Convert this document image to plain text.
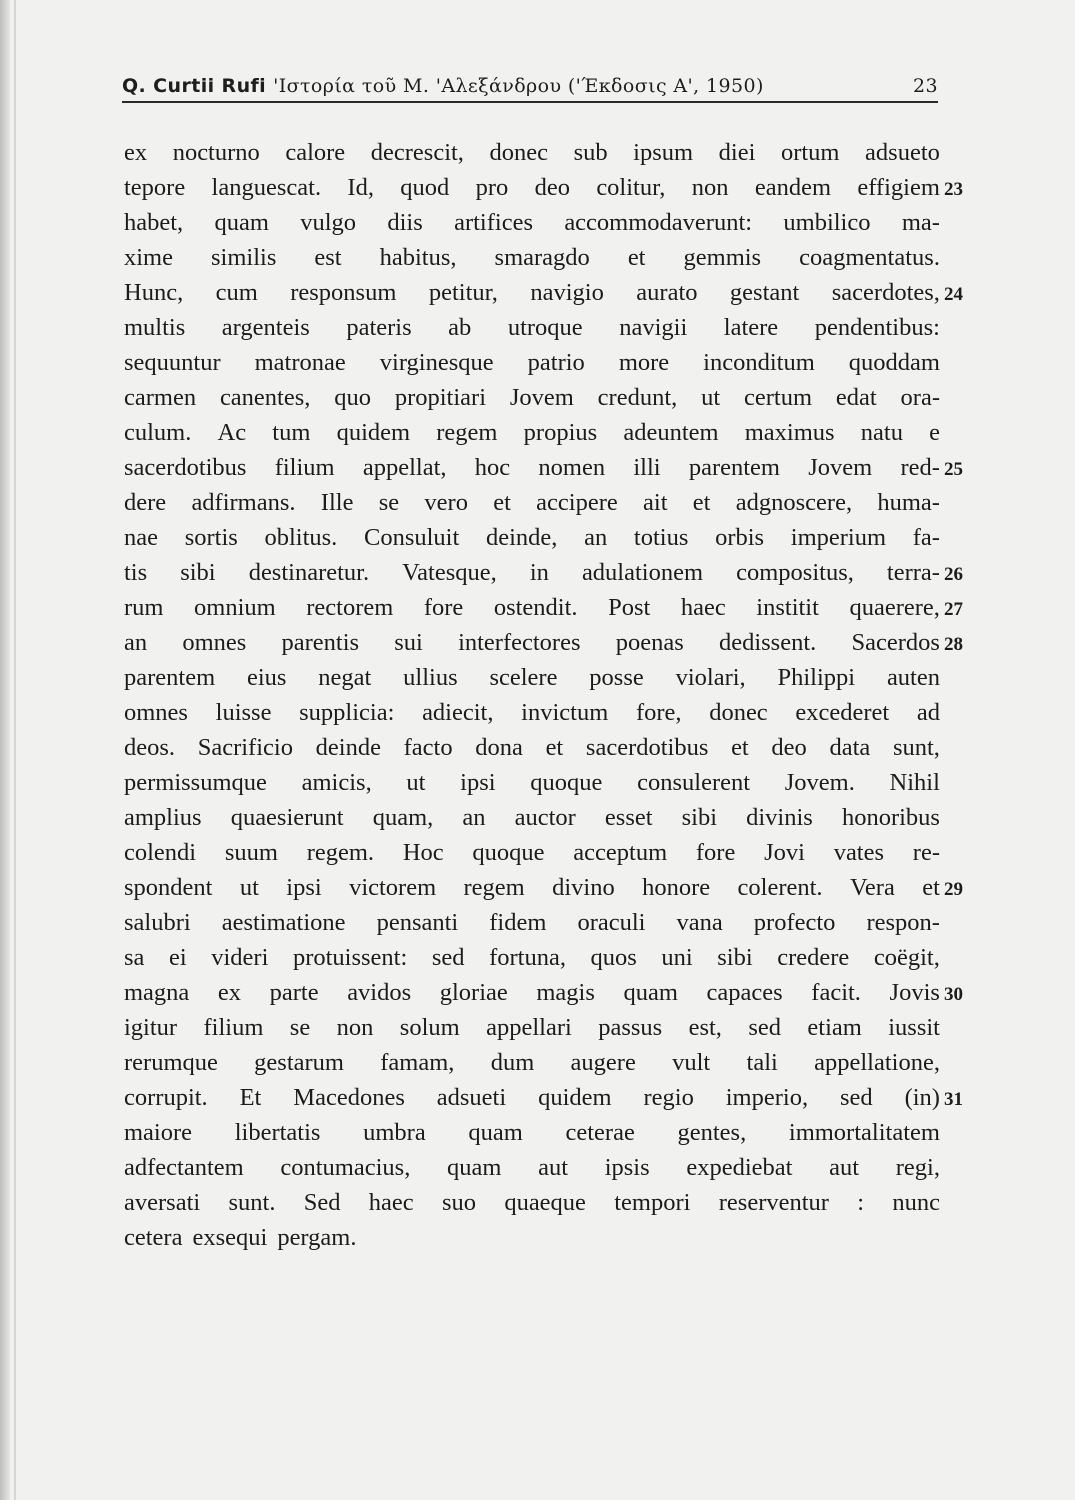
Q. Curtii Rufi 'Ιστορία τοῦ Μ. 'Αλεξάνδρου ('Έκδοσις Α', 1950)	23
ex nocturno calore decrescit, donec sub ipsum diei ortum adsueto
tepore languescat. Id, quod pro deo colitur, non eandem effigiem
habet, quam vulgo diis artifices accommodaverunt: umbilico ma-
xime similis est habitus, smaragdo et gemmis coagmentatus.
Hunc, cum responsum petitur, navigio aurato gestant sacerdotes,
multis argenteis pateris ab utroque navigii latere pendentibus:
sequuntur matronae virginesque patrio more inconditum quoddam
carmen canentes, quo propitiari Jovem credunt, ut certum edat ora-
culum. Ac tum quidem regem propius adeuntem maximus natu e
sacerdotibus filium appellat, hoc nomen illi parentem Jovem red-
dere adfirmans. Ille se vero et accipere ait et adgnoscere, huma-
nae sortis oblitus. Consuluit deinde, an totius orbis imperium fa-
tis sibi destinaretur. Vatesque, in adulationem compositus, terra-
rum omnium rectorem fore ostendit. Post haec institit quaerere,
an omnes parentis sui interfectores poenas dedissent. Sacerdos
parentem eius negat ullius scelere posse violari, Philippi auten
omnes luisse supplicia: adiecit, invictum fore, donec excederet ad
deos. Sacrificio deinde facto dona et sacerdotibus et deo data sunt,
permissumque amicis, ut ipsi quoque consulerent Jovem. Nihil
amplius quaesierunt quam, an auctor esset sibi divinis honoribus
colendi suum regem. Hoc quoque acceptum fore Jovi vates re-
spondent ut ipsi victorem regem divino honore colerent. Vera et
salubri aestimatione pensanti fidem oraculi vana profecto respon-
sa ei videri protuissent: sed fortuna, quos uni sibi credere coëgit,
magna ex parte avidos gloriae magis quam capaces facit. Jovis
igitur filium se non solum appellari passus est, sed etiam iussit
rerumque gestarum famam, dum augere vult tali appellatione,
corrupit. Et Macedones adsueti quidem regio imperio, sed (in)
maiore libertatis umbra quam ceterae gentes, immortalitatem
adfectantem contumacius, quam aut ipsis expediebat aut regi,
aversati sunt. Sed haec suo quaeque tempori reserventur : nunc
cetera exsequi pergam.
23
24
25
26
27
28
29
30
31
